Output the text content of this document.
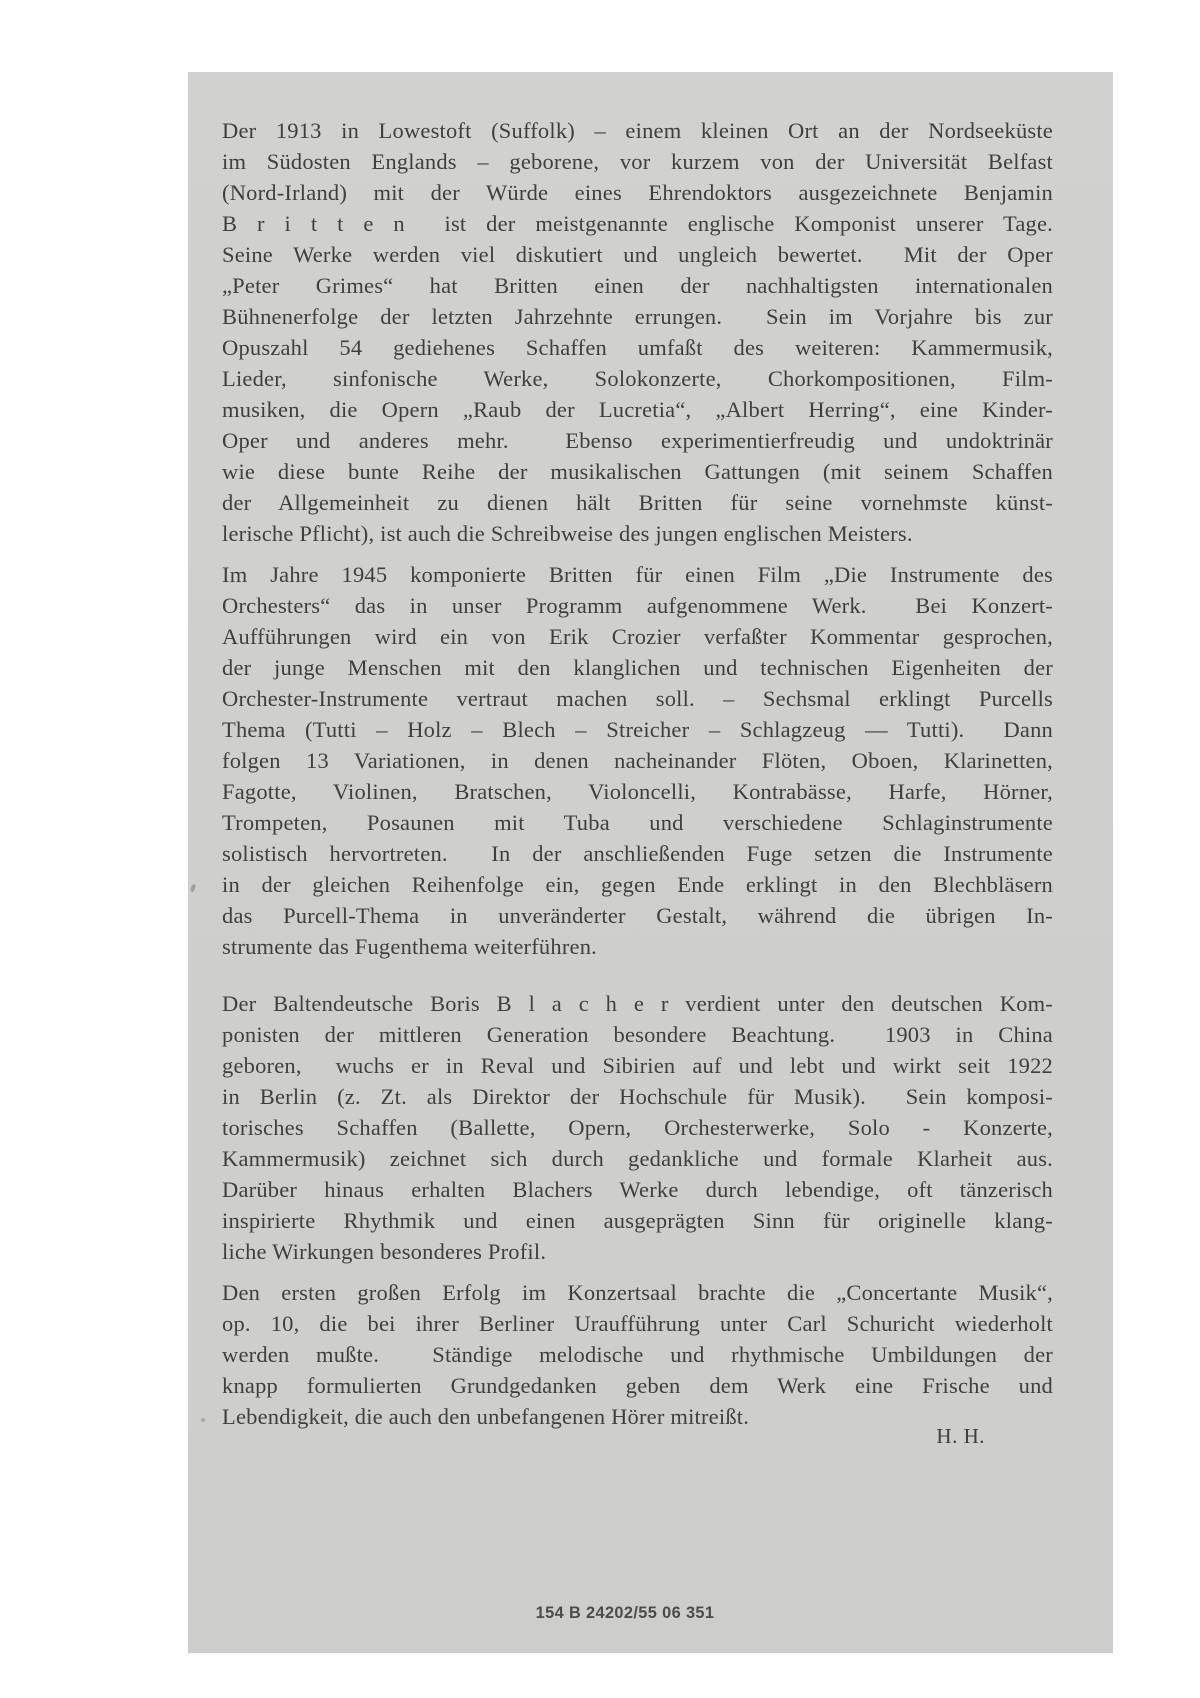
Der 1913 in Lowestoft (Suffolk) – einem kleinen Ort an der Nordseeküste
im Südosten Englands – geborene, vor kurzem von der Universität Belfast
(Nord-Irland) mit der Würde eines Ehrendoktors ausgezeichnete Benjamin
B r i t t e n  ist der meistgenannte englische Komponist unserer Tage.
Seine Werke werden viel diskutiert und ungleich bewertet.  Mit der Oper
„Peter Grimes“ hat Britten einen der nachhaltigsten internationalen
Bühnenerfolge der letzten Jahrzehnte errungen.  Sein im Vorjahre bis zur
Opuszahl 54 gediehenes Schaffen umfaßt des weiteren: Kammermusik,
Lieder, sinfonische Werke, Solokonzerte, Chorkompositionen, Film-
musiken, die Opern „Raub der Lucretia“, „Albert Herring“, eine Kinder-
Oper und anderes mehr.  Ebenso experimentierfreudig und undoktrinär
wie diese bunte Reihe der musikalischen Gattungen (mit seinem Schaffen
der Allgemeinheit zu dienen hält Britten für seine vornehmste künst-
lerische Pflicht), ist auch die Schreibweise des jungen englischen Meisters.
Im Jahre 1945 komponierte Britten für einen Film „Die Instrumente des
Orchesters“ das in unser Programm aufgenommene Werk.  Bei Konzert-
Aufführungen wird ein von Erik Crozier verfaßter Kommentar gesprochen,
der junge Menschen mit den klanglichen und technischen Eigenheiten der
Orchester-Instrumente vertraut machen soll. – Sechsmal erklingt Purcells
Thema (Tutti – Holz – Blech – Streicher – Schlagzeug — Tutti).  Dann
folgen 13 Variationen, in denen nacheinander Flöten, Oboen, Klarinetten,
Fagotte, Violinen, Bratschen, Violoncelli, Kontrabässe, Harfe, Hörner,
Trompeten, Posaunen mit Tuba und verschiedene Schlaginstrumente
solistisch hervortreten.  In der anschließenden Fuge setzen die Instrumente
in der gleichen Reihenfolge ein, gegen Ende erklingt in den Blechbläsern
das Purcell-Thema in unveränderter Gestalt, während die übrigen In-
strumente das Fugenthema weiterführen.
Der Baltendeutsche Boris B l a c h e r verdient unter den deutschen Kom-
ponisten der mittleren Generation besondere Beachtung.  1903 in China
geboren,  wuchs er in Reval und Sibirien auf und lebt und wirkt seit 1922
in Berlin (z. Zt. als Direktor der Hochschule für Musik).  Sein komposi-
torisches Schaffen (Ballette, Opern, Orchesterwerke, Solo - Konzerte,
Kammermusik) zeichnet sich durch gedankliche und formale Klarheit aus.
Darüber hinaus erhalten Blachers Werke durch lebendige, oft tänzerisch
inspirierte Rhythmik und einen ausgeprägten Sinn für originelle klang-
liche Wirkungen besonderes Profil.
Den ersten großen Erfolg im Konzertsaal brachte die „Concertante Musik“,
op. 10, die bei ihrer Berliner Uraufführung unter Carl Schuricht wiederholt
werden mußte.  Ständige melodische und rhythmische Umbildungen der
knapp formulierten Grundgedanken geben dem Werk eine Frische und
Lebendigkeit, die auch den unbefangenen Hörer mitreißt.
H. H.
154 B 24202/55 06 351
